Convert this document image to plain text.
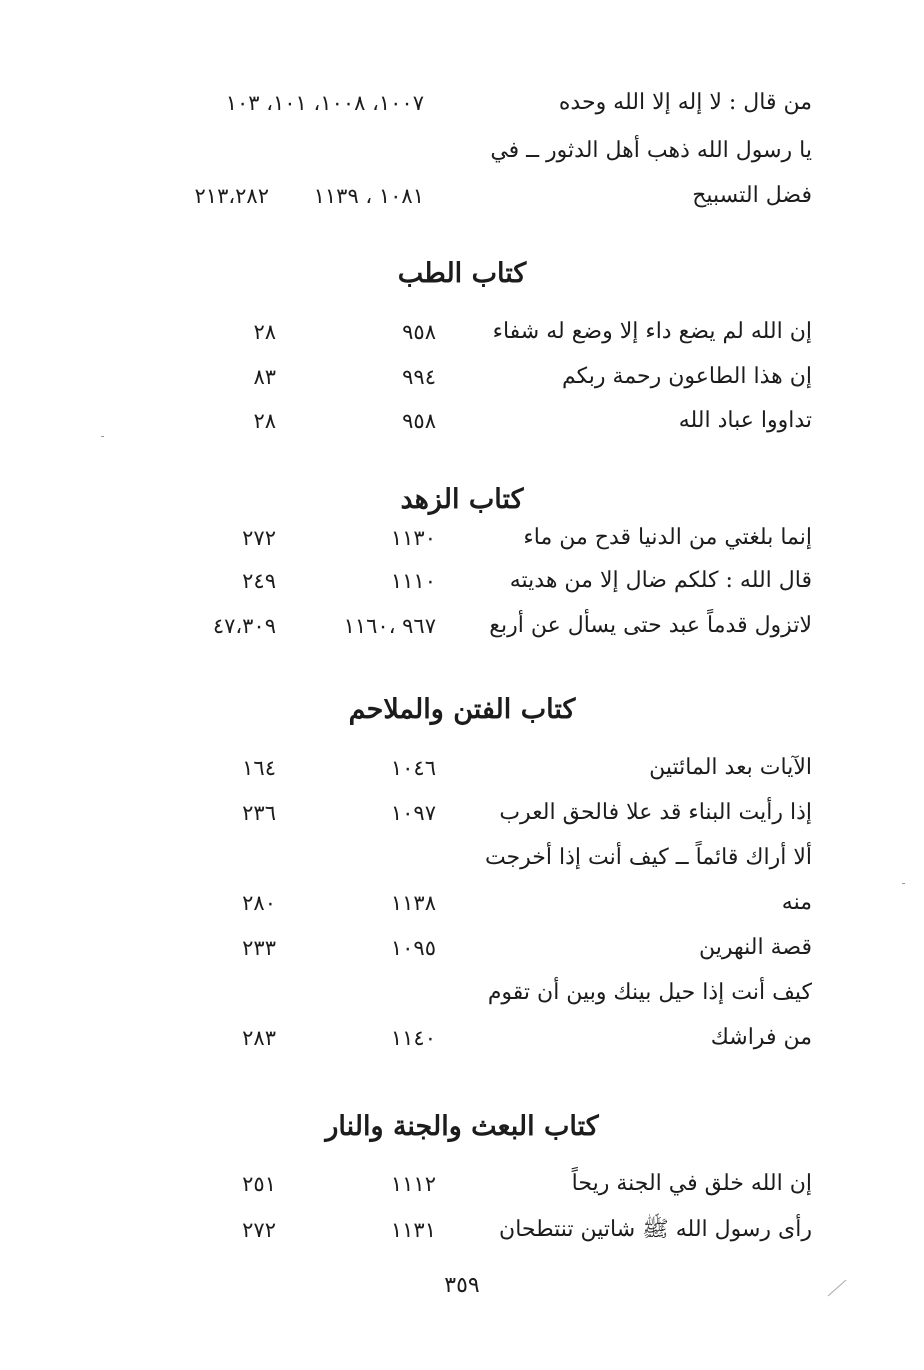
من قال : لا إله إلا الله وحده
١٠٠٧، ١٠٠٨، ١٠١، ١٠٣
يا رسول الله ذهب أهل الدثور ــ في
فضل التسبيح
١٠٨١ ، ١١٣٩
٢١٣،٢٨٢
كتاب الطب
إن الله لم يضع داء إلا وضع له شفاء
٩٥٨
٢٨
إن هذا الطاعون رحمة ربكم
٩٩٤
٨٣
تداووا عباد الله
٩٥٨
٢٨
كتاب الزهد
إنما بلغتي من الدنيا قدح من ماء
١١٣٠
٢٧٢
قال الله : كلكم ضال إلا من هديته
١١١٠
٢٤٩
لاتزول قدماً عبد حتى يسأل عن أربع
٩٦٧ ،١١٦٠
٤٧،٣٠٩
كتاب الفتن والملاحم
الآيات بعد المائتين
١٠٤٦
١٦٤
إذا رأيت البناء قد علا فالحق العرب
١٠٩٧
٢٣٦
ألا أراك قائماً ــ كيف أنت إذا أخرجت
منه
١١٣٨
٢٨٠
قصة النهرين
١٠٩٥
٢٣٣
كيف أنت إذا حيل بينك وبين أن تقوم
من فراشك
١١٤٠
٢٨٣
كتاب البعث والجنة والنار
إن الله خلق في الجنة ريحاً
١١١٢
٢٥١
رأى رسول الله ﷺ شاتين تنتطحان
١١٣١
٢٧٢
٣٥٩
